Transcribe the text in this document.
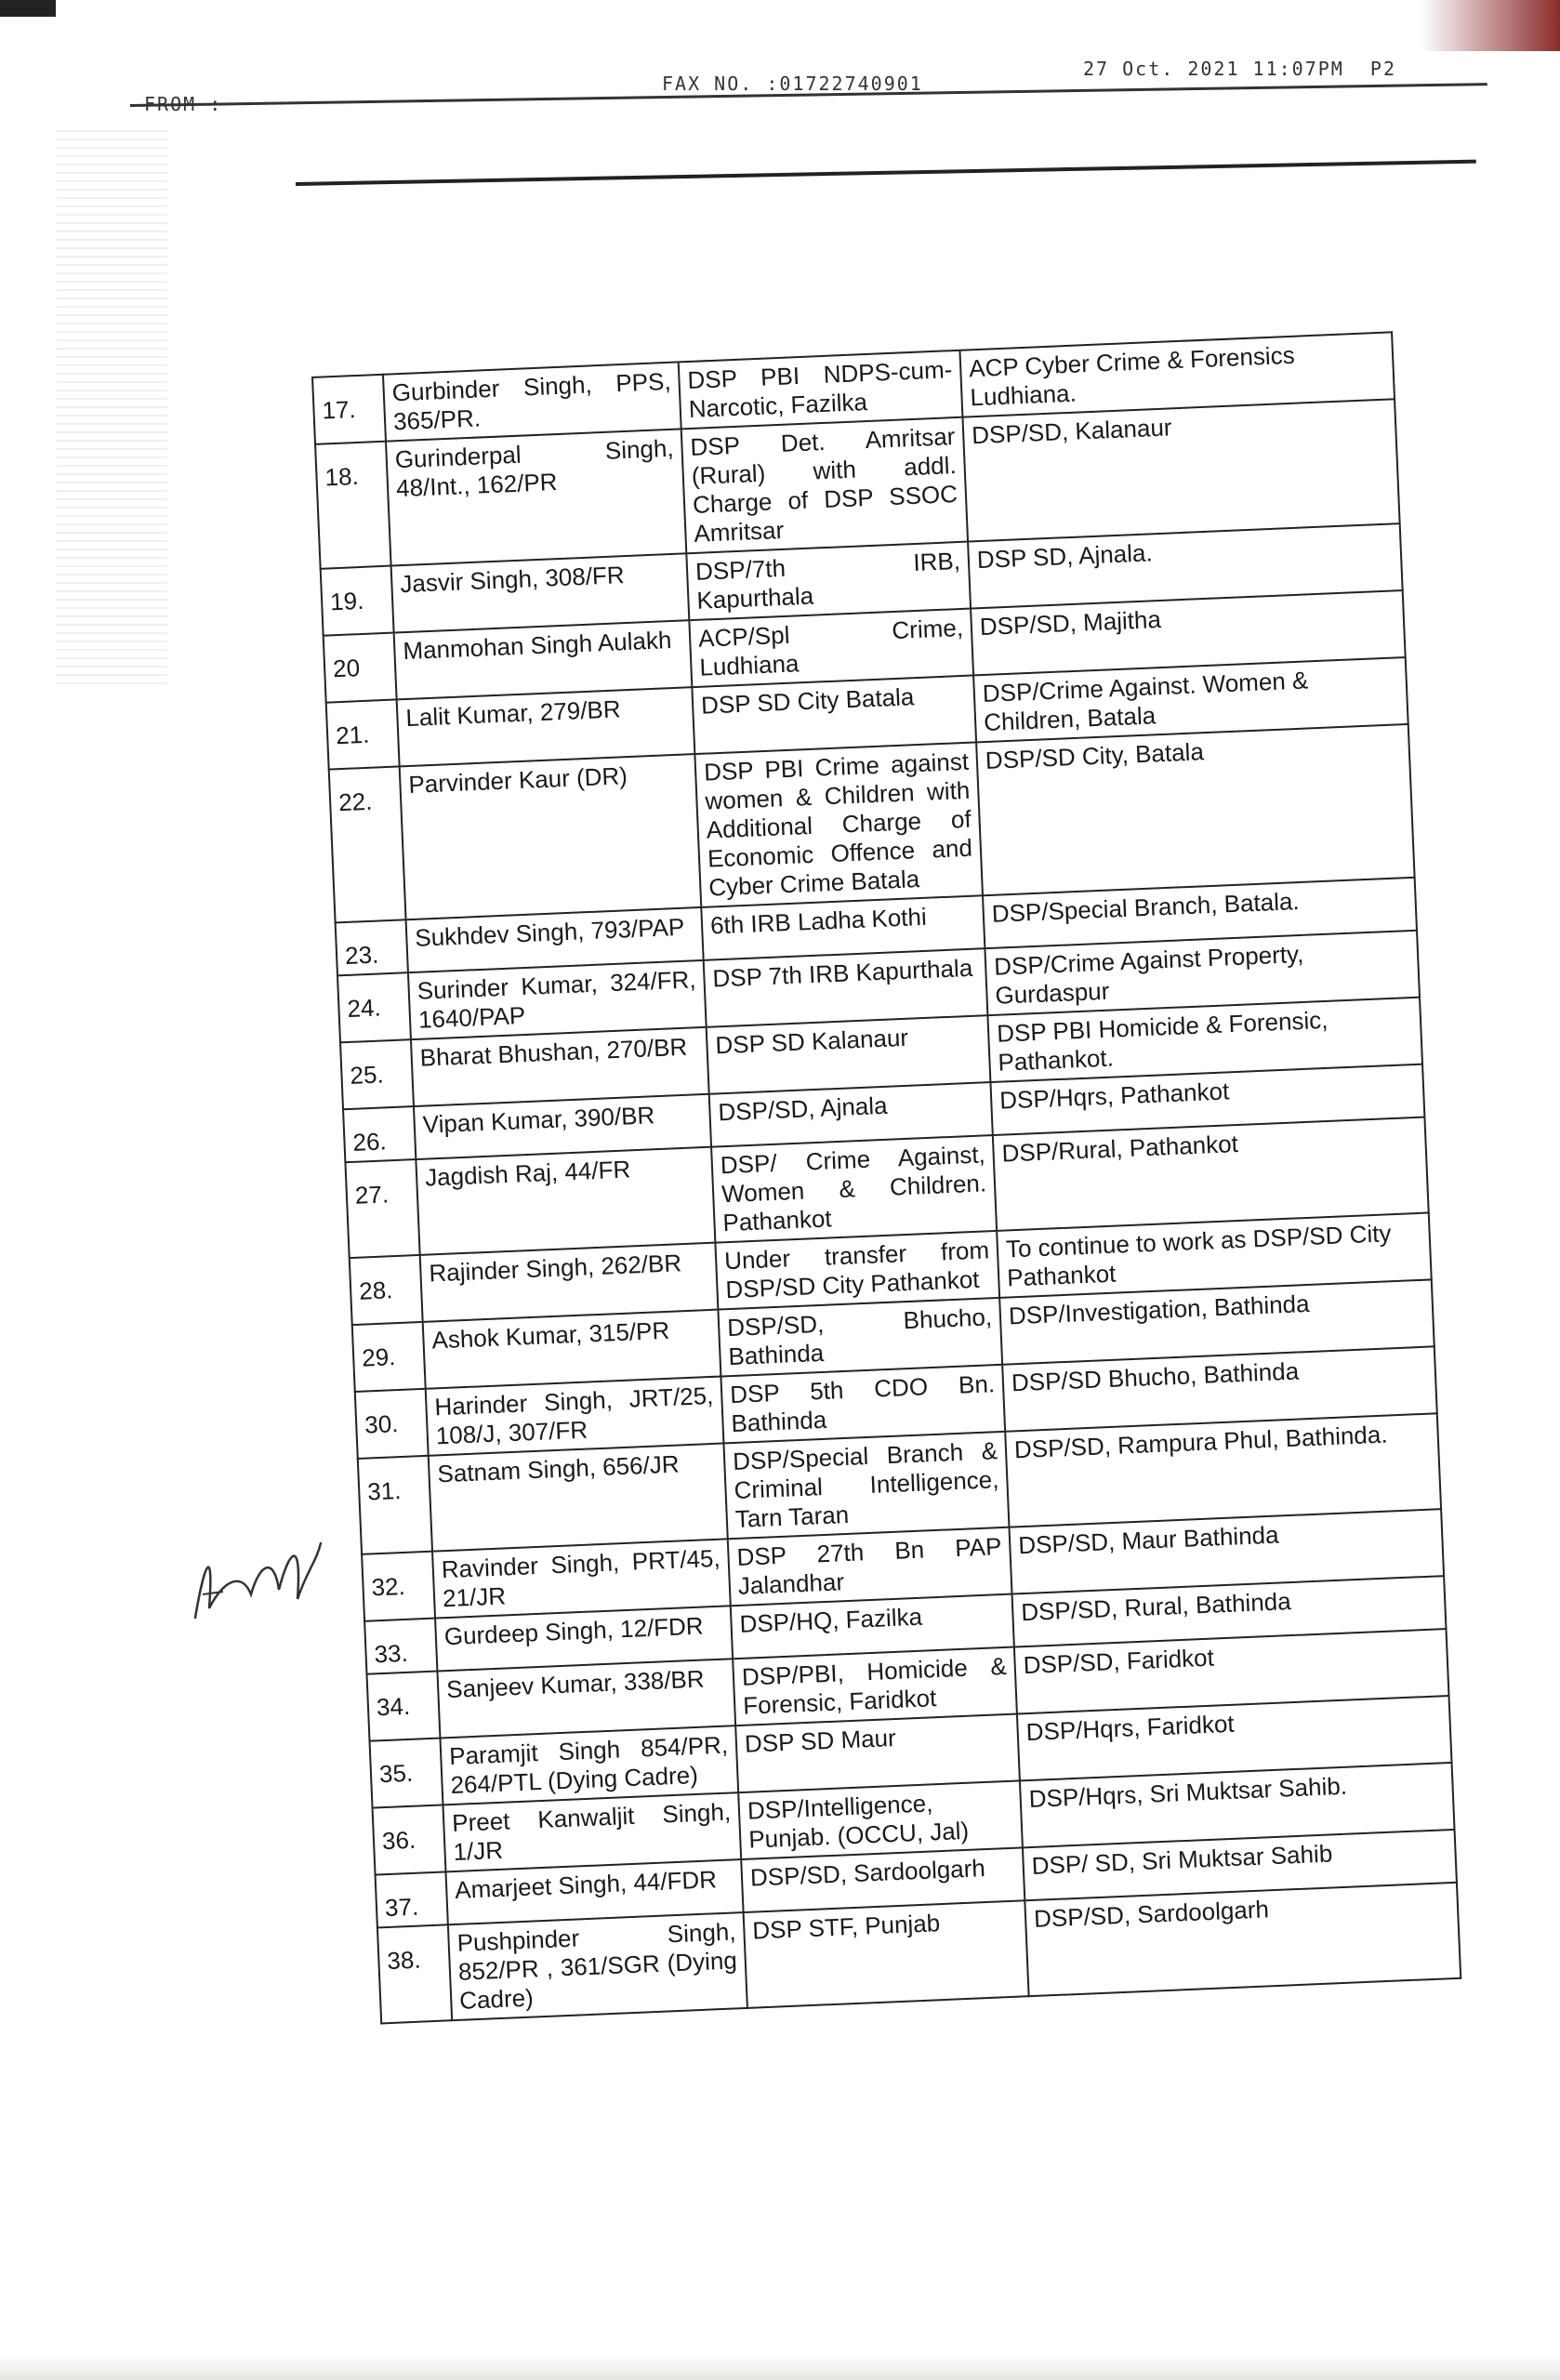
FROM :
FAX NO. :01722740901
27 Oct. 2021 11:07PM P2
17.	Gurbinder Singh, PPS, 365/PR.	DSP PBI NDPS-cum-Narcotic, Fazilka	ACP Cyber Crime & Forensics Ludhiana.
18.	Gurinderpal Singh, 48/Int., 162/PR	DSP Det. Amritsar (Rural) with addl. Charge of DSP SSOC Amritsar	DSP/SD, Kalanaur
19.	Jasvir Singh, 308/FR	DSP/7th IRB, Kapurthala	DSP SD, Ajnala.
20	Manmohan Singh Aulakh	ACP/Spl Crime, Ludhiana	DSP/SD, Majitha
21.	Lalit Kumar, 279/BR	DSP SD City Batala	DSP/Crime Against. Women & Children, Batala
22.	Parvinder Kaur (DR)	DSP PBI Crime against women & Children with Additional Charge of Economic Offence and Cyber Crime Batala	DSP/SD City, Batala
23.	Sukhdev Singh, 793/PAP	6th IRB Ladha Kothi	DSP/Special Branch, Batala.
24.	Surinder Kumar, 324/FR, 1640/PAP	DSP 7th IRB Kapurthala	DSP/Crime Against Property, Gurdaspur
25.	Bharat Bhushan, 270/BR	DSP SD Kalanaur	DSP PBI Homicide & Forensic, Pathankot.
26.	Vipan Kumar, 390/BR	DSP/SD, Ajnala	DSP/Hqrs, Pathankot
27.	Jagdish Raj, 44/FR	DSP/ Crime Against, Women & Children. Pathankot	DSP/Rural, Pathankot
28.	Rajinder Singh, 262/BR	Under transfer from DSP/SD City Pathankot	To continue to work as DSP/SD City Pathankot
29.	Ashok Kumar, 315/PR	DSP/SD, Bhucho, Bathinda	DSP/Investigation, Bathinda
30.	Harinder Singh, JRT/25, 108/J, 307/FR	DSP 5th CDO Bn. Bathinda	DSP/SD Bhucho, Bathinda
31.	Satnam Singh, 656/JR	DSP/Special Branch & Criminal Intelligence, Tarn Taran	DSP/SD, Rampura Phul, Bathinda.
32.	Ravinder Singh, PRT/45, 21/JR	DSP 27th Bn PAP Jalandhar	DSP/SD, Maur Bathinda
33.	Gurdeep Singh, 12/FDR	DSP/HQ, Fazilka	DSP/SD, Rural, Bathinda
34.	Sanjeev Kumar, 338/BR	DSP/PBI, Homicide & Forensic, Faridkot	DSP/SD, Faridkot
35.	Paramjit Singh 854/PR, 264/PTL (Dying Cadre)	DSP SD Maur	DSP/Hqrs, Faridkot
36.	Preet Kanwaljit Singh, 1/JR	DSP/Intelligence, Punjab. (OCCU, Jal)	DSP/Hqrs, Sri Muktsar Sahib.
37.	Amarjeet Singh, 44/FDR	DSP/SD, Sardoolgarh	DSP/ SD, Sri Muktsar Sahib
38.	Pushpinder Singh, 852/PR , 361/SGR (Dying Cadre)	DSP STF, Punjab	DSP/SD, Sardoolgarh
